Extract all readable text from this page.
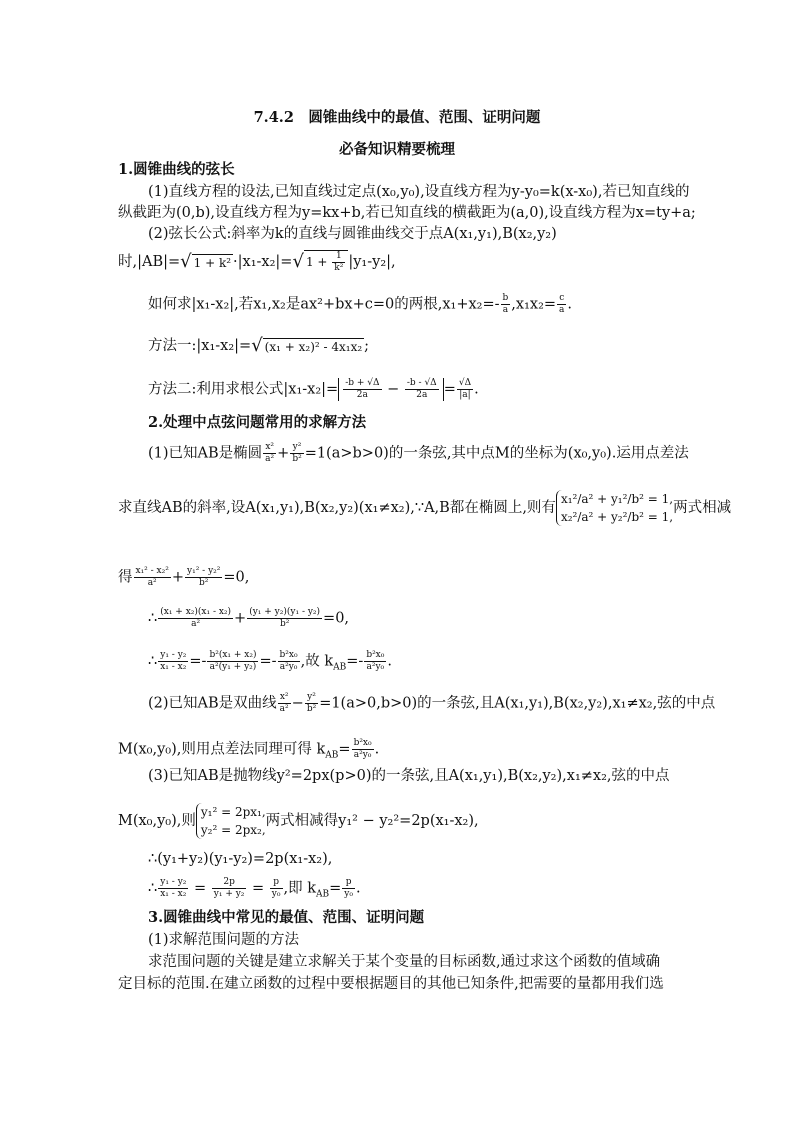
7.4.2　圆锥曲线中的最值、范围、证明问题
必备知识精要梳理
1.圆锥曲线的弦长
(1)直线方程的设法,已知直线过定点(x₀,y₀),设直线方程为y-y₀=k(x-x₀),若已知直线的
纵截距为(0,b),设直线方程为y=kx+b,若已知直线的横截距为(a,0),设直线方程为x=ty+a;
(2)弦长公式:斜率为k的直线与圆锥曲线交于点A(x₁,y₁),B(x₂,y₂)
时,|AB|=√ 1 + k² ·|x₁-x₂|=√ $1 + \frac{1}{\text{k²}} |y_1-y_2|$,
如何求|x₁-x₂|,若x₁,x₂是ax²+bx+c=0的两根$,x_1+x_2=- \frac{b}{a} ,x_1x_2= \frac{c}{a}$ .
方法一:|x₁-x₂|=√ (x₁ + x₂)² - 4x₁x₂ ;
方法二:利用求根公式$|x_1-x_2|= \frac{-b + √\Delta}{2a} - \frac{-b - √\Delta}{2a} = \frac{√\Delta}{|a|}$ .
2.处理中点弦问题常用的求解方法
(1)已知AB是椭圆 $\frac{\text{x²}}{\text{a²}} + \frac{\text{y²}}{\text{b²}} =1(a>b>0)$的一条弦,其中点M的坐标为(x₀,y₀).运用点差法
求直线AB的斜率,设A(x₁,y₁),B(x₂,y₂)(x₁≠x₂),∵A,B都在椭圆上,则有
x₁²/a² + y₁²/b² = 1,
x₂²/a² + y₂²/b² = 1,
两式相减
得 $\frac{\text{x₁² - x₂²}}{\text{a²}} + \frac{\text{y₁² - y₂²}}{\text{b²}} =0$,
∴ $\frac{\text{(x₁ + x₂)(x₁ - x₂)}}{\text{a²}} + \frac{\text{(y₁ + y₂)(y₁ - y₂)}}{\text{b²}} =0$,
∴ $\frac{\text{y₁ - y₂}}{\text{x₁ - x₂}} =- \frac{\text{b²(x₁ + x₂)}}{\text{a²(y₁ + y₂)}} =- \frac{\text{b²x₀}}{\text{a²y₀}}$ ,故 $k_{AB}=- \frac{\text{b²x₀}}{\text{a²y₀}}$ .
(2)已知AB是双曲线 $\frac{\text{x²}}{\text{a²}} - \frac{\text{y²}}{\text{b²}} =1(a>0,b>0)$的一条弦,且A(x₁,y₁),B(x₂,y₂),x₁≠x₂,弦的中点
M(x₀,y₀),则用点差法同理可得 $k_{AB}= \frac{\text{b²x₀}}{\text{a²y₀}}$ .
(3)已知AB是抛物线y²=2px(p>0)的一条弦,且A(x₁,y₁),B(x₂,y₂),x₁≠x₂,弦的中点
M(x₀,y₀),则
y₁² = 2px₁,
y₂² = 2px₂,
两式相减得y₁² − y₂²=2p(x₁-x₂),
∴(y₁+y₂)(y₁-y₂)=2p(x₁-x₂),
∴ $\frac{\text{y₁ - y₂}}{\text{x₁ - x₂}} = \frac{2p}{\text{y₁ + y₂}} = \frac{p}{\text{y₀}}$ ,即 $k_{AB}= \frac{p}{\text{y₀}}$ .
3.圆锥曲线中常见的最值、范围、证明问题
(1)求解范围问题的方法
求范围问题的关键是建立求解关于某个变量的目标函数,通过求这个函数的值域确
定目标的范围.在建立函数的过程中要根据题目的其他已知条件,把需要的量都用我们选
